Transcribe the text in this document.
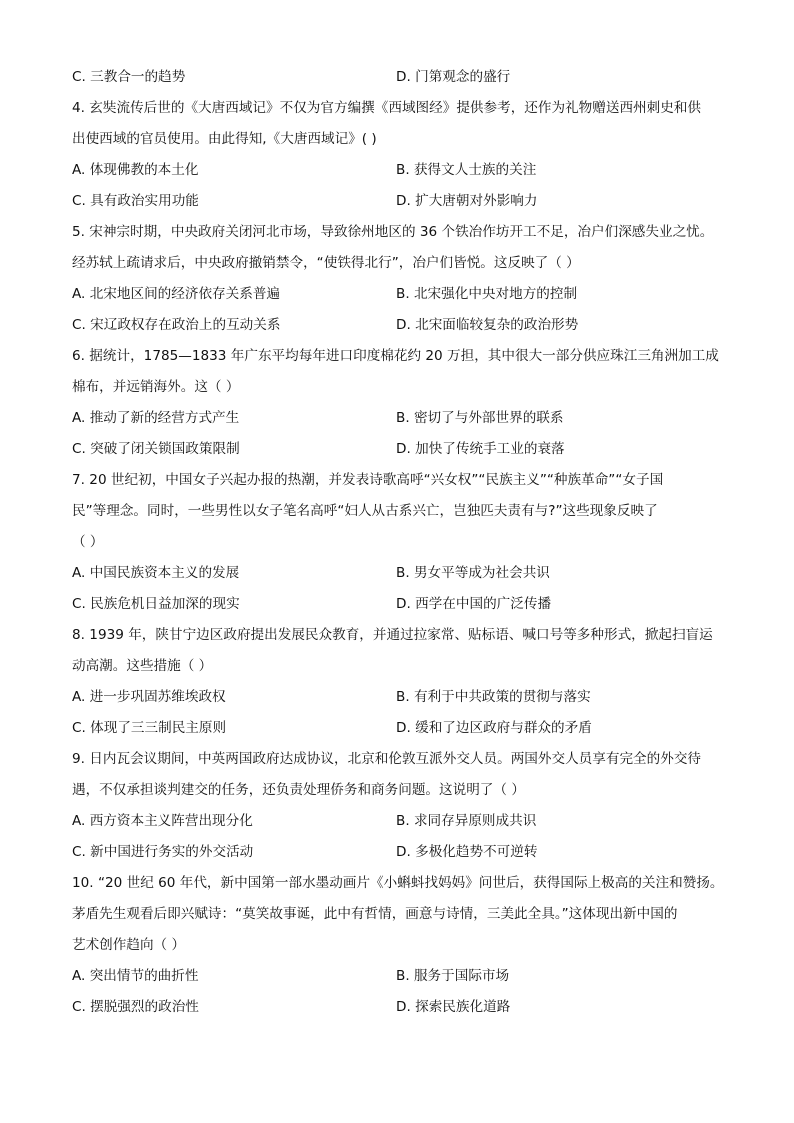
C. 三教合一的趋势	D. 门第观念的盛行
4. 玄奘流传后世的《大唐西域记》不仅为官方编撰《西域图经》提供参考，还作为礼物赠送西州刺史和供
出使西域的官员使用。由此得知,《大唐西域记》( )
A. 体现佛教的本土化	B. 获得文人士族的关注
C. 具有政治实用功能	D. 扩大唐朝对外影响力
5. 宋神宗时期，中央政府关闭河北市场，导致徐州地区的 36 个铁冶作坊开工不足，冶户们深感失业之忧。
经苏轼上疏请求后，中央政府撤销禁令，“使铁得北行”，冶户们皆悦。这反映了（ ）
A. 北宋地区间的经济依存关系普遍	B. 北宋强化中央对地方的控制
C. 宋辽政权存在政治上的互动关系	D. 北宋面临较复杂的政治形势
6. 据统计，1785—1833 年广东平均每年进口印度棉花约 20 万担，其中很大一部分供应珠江三角洲加工成
棉布，并远销海外。这（ ）
A. 推动了新的经营方式产生	B. 密切了与外部世界的联系
C. 突破了闭关锁国政策限制	D. 加快了传统手工业的衰落
7. 20 世纪初，中国女子兴起办报的热潮，并发表诗歌高呼“兴女权”“民族主义”“种族革命”“女子国
民”等理念。同时，一些男性以女子笔名高呼“妇人从古系兴亡，岂独匹夫责有与?”这些现象反映了
（ ）
A. 中国民族资本主义的发展	B. 男女平等成为社会共识
C. 民族危机日益加深的现实	D. 西学在中国的广泛传播
8. 1939 年，陕甘宁边区政府提出发展民众教育，并通过拉家常、贴标语、喊口号等多种形式，掀起扫盲运
动高潮。这些措施（ ）
A. 进一步巩固苏维埃政权	B. 有利于中共政策的贯彻与落实
C. 体现了三三制民主原则	D. 缓和了边区政府与群众的矛盾
9. 日内瓦会议期间，中英两国政府达成协议，北京和伦敦互派外交人员。两国外交人员享有完全的外交待
遇，不仅承担谈判建交的任务，还负责处理侨务和商务问题。这说明了（ ）
A. 西方资本主义阵营出现分化	B. 求同存异原则成共识
C. 新中国进行务实的外交活动	D. 多极化趋势不可逆转
10. “20 世纪 60 年代，新中国第一部水墨动画片《小蝌蚪找妈妈》问世后，获得国际上极高的关注和赞扬。
茅盾先生观看后即兴赋诗：“莫笑故事诞，此中有哲情，画意与诗情，三美此全具。”这体现出新中国的
艺术创作趋向（ ）
A. 突出情节的曲折性	B. 服务于国际市场
C. 摆脱强烈的政治性	D. 探索民族化道路
